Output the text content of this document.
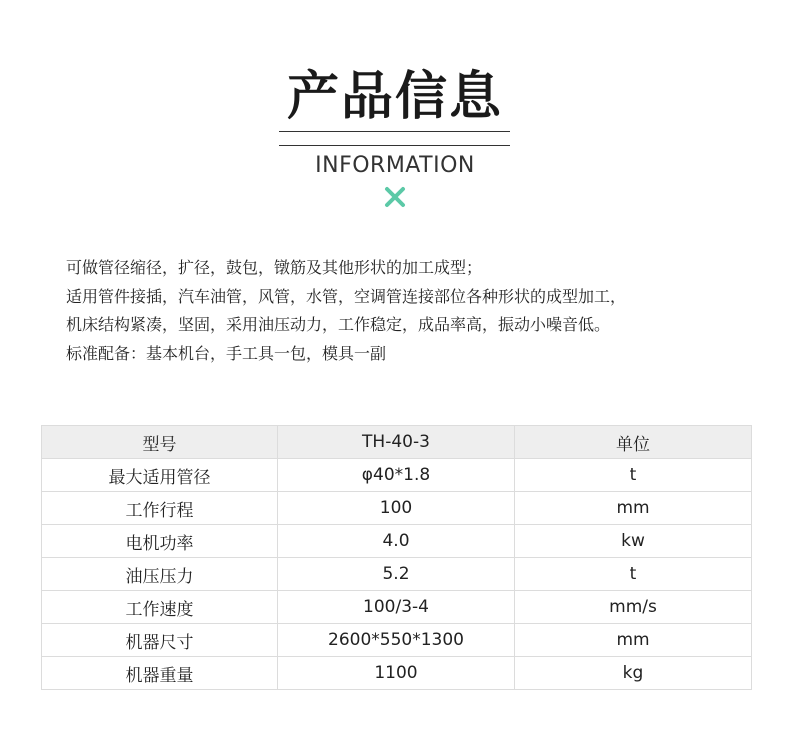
产品信息
INFORMATION
可做管径缩径，扩径，鼓包，镦筋及其他形状的加工成型；
适用管件接插，汽车油管，风管，水管，空调管连接部位各种形状的成型加工，
机床结构紧凑，坚固，采用油压动力，工作稳定，成品率高，振动小噪音低。
标准配备：基本机台，手工具一包，模具一副
型号	TH-40-3	单位
最大适用管径	φ40*1.8	t
工作行程	100	mm
电机功率	4.0	kw
油压压力	5.2	t
工作速度	100/3-4	mm/s
机器尺寸	2600*550*1300	mm
机器重量	1100	kg
